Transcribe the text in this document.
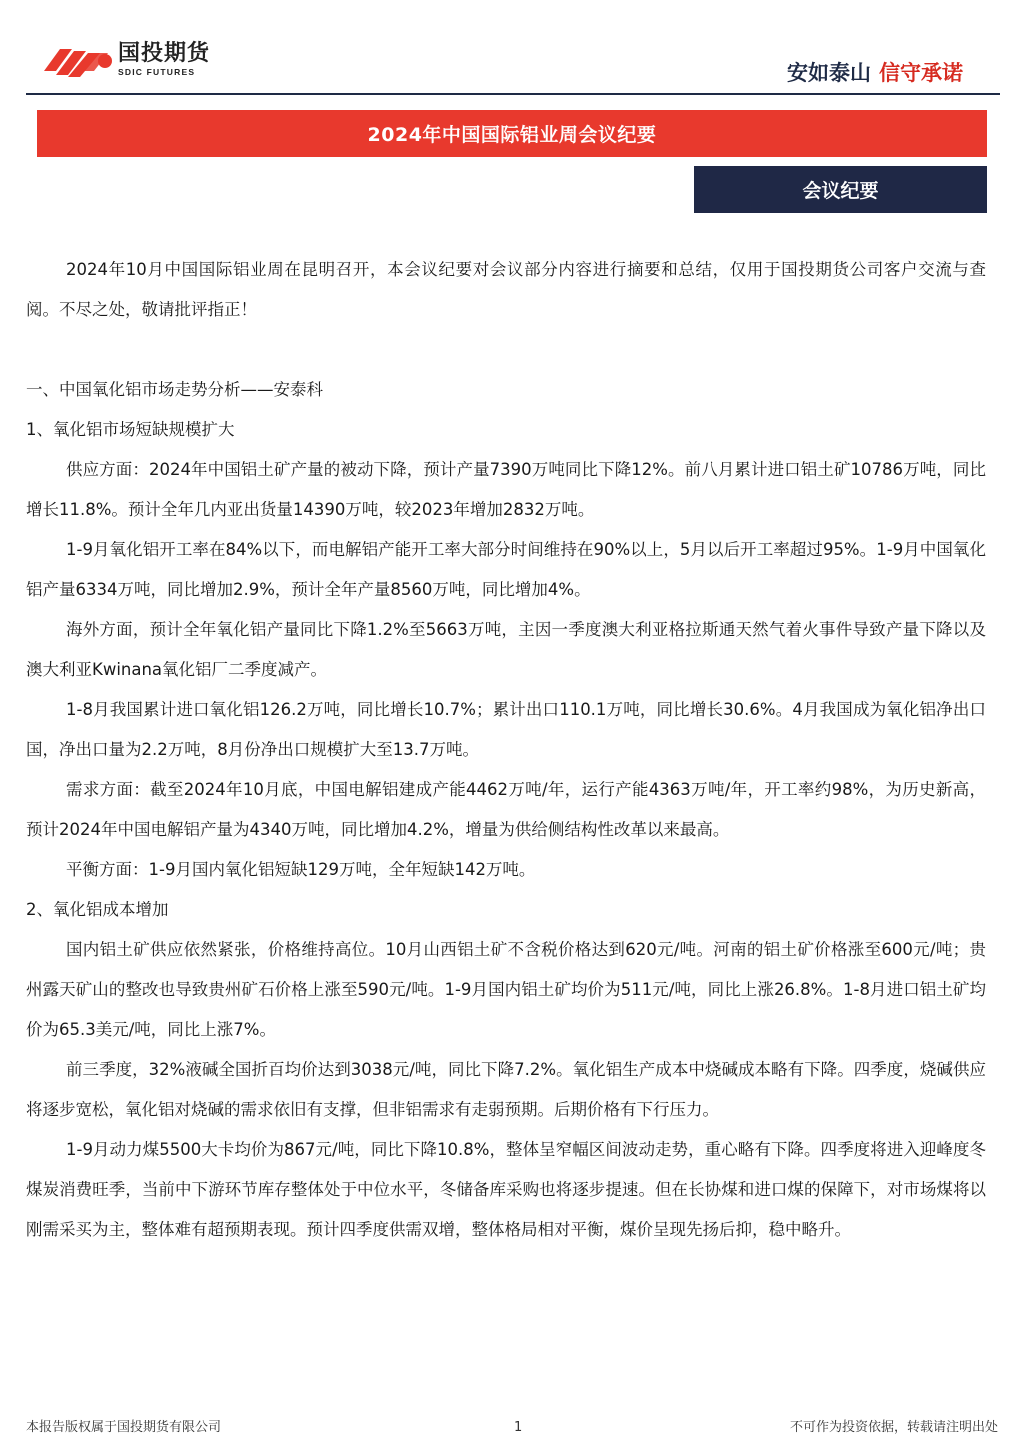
国投期货
SDIC FUTURES	安如泰山 信守承诺
2024年中国国际铝业周会议纪要
会议纪要

2024年10月中国国际铝业周在昆明召开，本会议纪要对会议部分内容进行摘要和总结，仅用于国投期货公司客户交流与查阅。不尽之处，敬请批评指正！

一、中国氧化铝市场走势分析——安泰科

1、氧化铝市场短缺规模扩大

供应方面：2024年中国铝土矿产量的被动下降，预计产量7390万吨同比下降12%。前八月累计进口铝土矿10786万吨，同比增长11.8%。预计全年几内亚出货量14390万吨，较2023年增加2832万吨。

1-9月氧化铝开工率在84%以下，而电解铝产能开工率大部分时间维持在90%以上，5月以后开工率超过95%。1-9月中国氧化铝产量6334万吨，同比增加2.9%，预计全年产量8560万吨，同比增加4%。

海外方面，预计全年氧化铝产量同比下降1.2%至5663万吨，主因一季度澳大利亚格拉斯通天然气着火事件导致产量下降以及澳大利亚Kwinana氧化铝厂二季度减产。

1-8月我国累计进口氧化铝126.2万吨，同比增长10.7%；累计出口110.1万吨，同比增长30.6%。4月我国成为氧化铝净出口国，净出口量为2.2万吨，8月份净出口规模扩大至13.7万吨。

需求方面：截至2024年10月底，中国电解铝建成产能4462万吨/年，运行产能4363万吨/年，开工率约98%，为历史新高，预计2024年中国电解铝产量为4340万吨，同比增加4.2%，增量为供给侧结构性改革以来最高。

平衡方面：1-9月国内氧化铝短缺129万吨，全年短缺142万吨。

2、氧化铝成本增加

国内铝土矿供应依然紧张，价格维持高位。10月山西铝土矿不含税价格达到620元/吨。河南的铝土矿价格涨至600元/吨；贵州露天矿山的整改也导致贵州矿石价格上涨至590元/吨。1-9月国内铝土矿均价为511元/吨，同比上涨26.8%。1-8月进口铝土矿均价为65.3美元/吨，同比上涨7%。

前三季度，32%液碱全国折百均价达到3038元/吨，同比下降7.2%。氧化铝生产成本中烧碱成本略有下降。四季度，烧碱供应将逐步宽松，氧化铝对烧碱的需求依旧有支撑，但非铝需求有走弱预期。后期价格有下行压力。

1-9月动力煤5500大卡均价为867元/吨，同比下降10.8%，整体呈窄幅区间波动走势，重心略有下降。四季度将进入迎峰度冬煤炭消费旺季，当前中下游环节库存整体处于中位水平，冬储备库采购也将逐步提速。但在长协煤和进口煤的保障下，对市场煤将以刚需采买为主，整体难有超预期表现。预计四季度供需双增，整体格局相对平衡，煤价呈现先扬后抑，稳中略升。

本报告版权属于国投期货有限公司	1	不可作为投资依据，转载请注明出处
